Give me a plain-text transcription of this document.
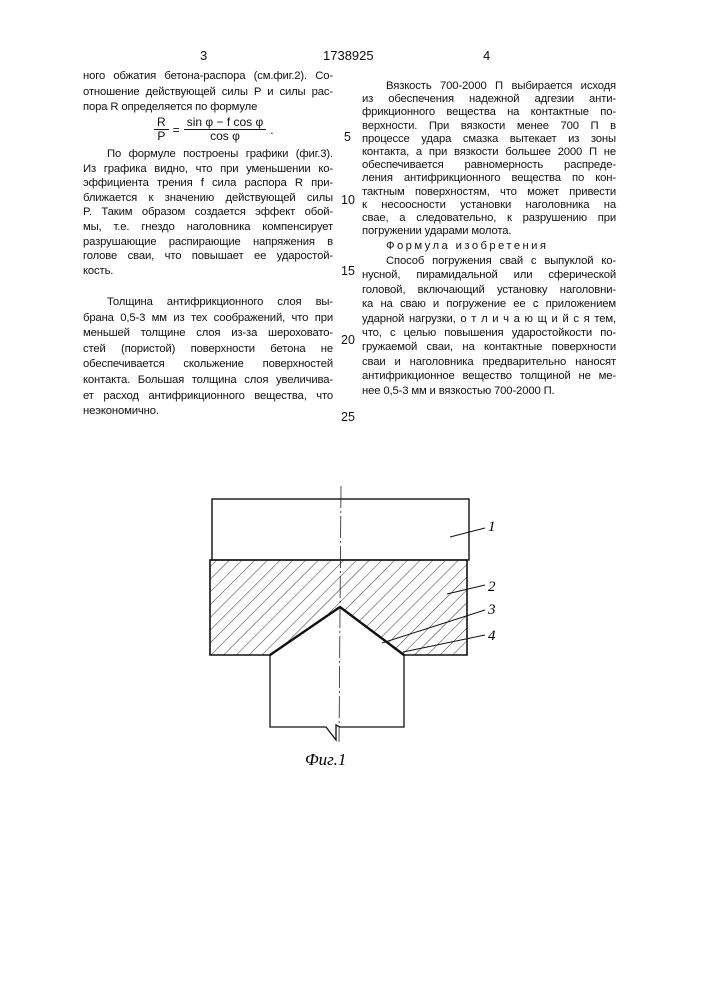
3	1738925	4
ного обжатия бетона-распора (см.фиг.2). Со-
отношение действующей силы P и силы рас-
пора R определяется по формуле
По формуле построены графики (фиг.3).
Из графика видно, что при уменьшении ко-
эффициента трения f сила распора R при-
ближается к значению действующей силы
P. Таким образом создается эффект обой-
мы, т.е. гнездо наголовника компенсирует
разрушающие распирающие напряжения в
голове сваи, что повышает ее ударостой-
кость.
Толщина антифрикционного слоя вы-
брана 0,5-3 мм из тех соображений, что при
меньшей толщине слоя из-за шероховато-
стей (пористой) поверхности бетона не
обеспечивается скольжение поверхностей
контакта. Большая толщина слоя увеличива-
ет расход антифрикционного вещества, что
неэкономично.
Вязкость 700-2000 П выбирается исходя
из обеспечения надежной адгезии анти-
фрикционного вещества на контактные по-
верхности. При вязкости менее 700 П в
процессе удара смазка вытекает из зоны
контакта, а при вязкости большее 2000 П не
обеспечивается равномерность распреде-
ления антифрикционного вещества по кон-
тактным поверхностям, что может привести
к несоосности установки наголовника на
свае, а следовательно, к разрушению при
погружении ударами молота.
Формула изобретения
Способ погружения свай с выпуклой ко-
нусной, пирамидальной или сферической
головой, включающий установку наголовни-
ка на сваю и погружение ее с приложением
ударной нагрузки, о т л и ч а ю щ и й с я тем,
что, с целью повышения ударостойкости по-
гружаемой сваи, на контактные поверхности
сваи и наголовника предварительно наносят
антифрикционное вещество толщиной не ме-
нее 0,5-3 мм и вязкостью 700-2000 П.
R
P =
sin φ − f cos φ
cos φ	.
5
10
15
20
25
1
2
3
4
Фиг.1
